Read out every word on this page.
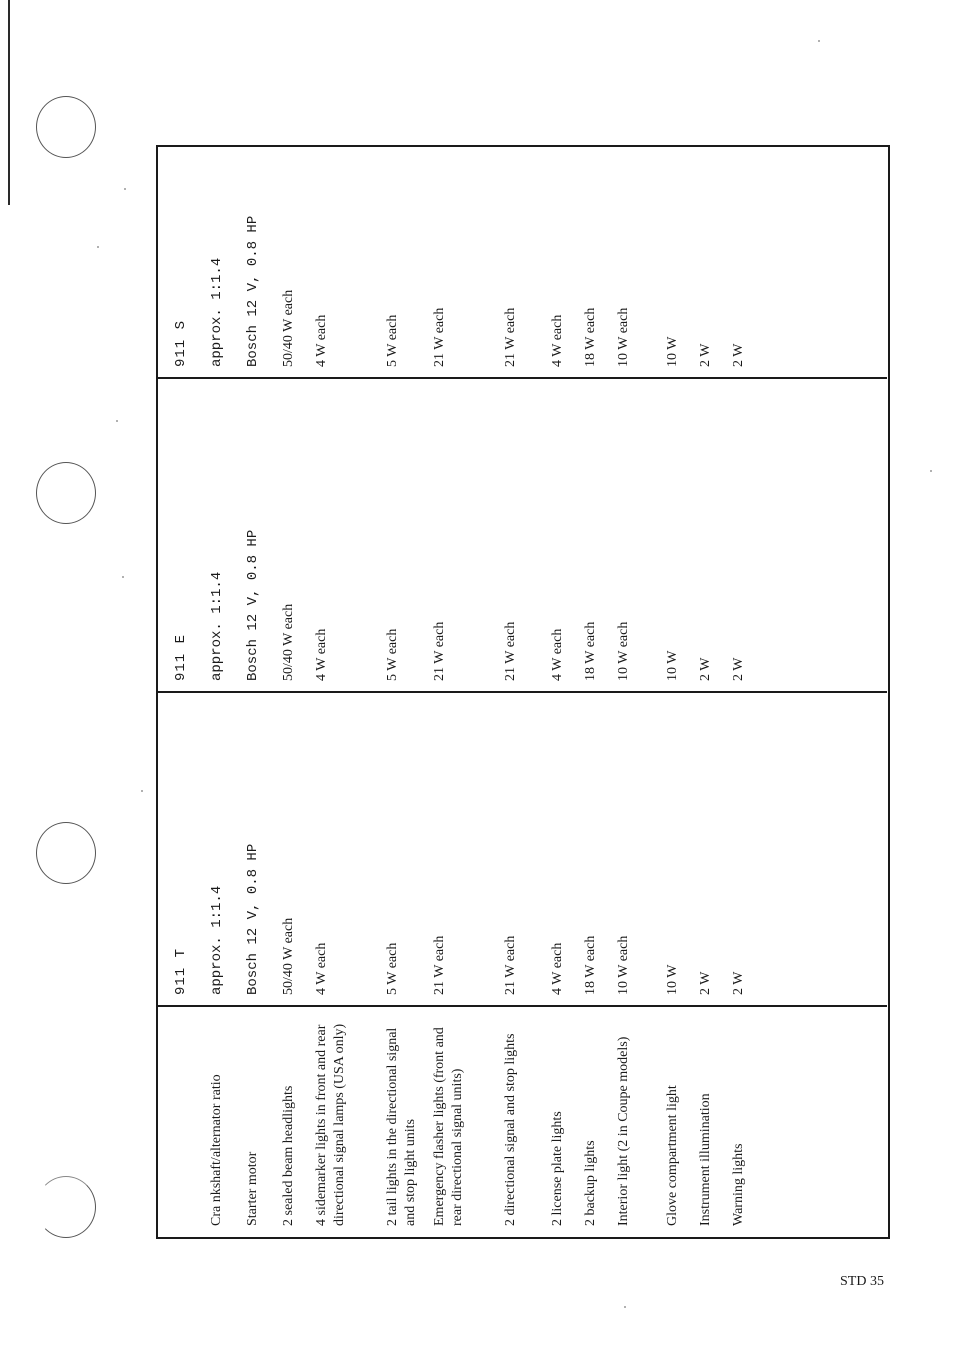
	911 T	911 E	911 S

Cra nkshaft/alternator ratio	approx. 1:1.4	approx. 1:1.4	approx. 1:1.4

Starter motor	Bosch 12 V, 0.8 HP	Bosch 12 V, 0.8 HP	Bosch 12 V, 0.8 HP

2 sealed beam headlights	50/40 W each	50/40 W each	50/40 W each

4 sidemarker lights in front and rear directional signal lamps (USA only)	4 W each	4 W each	4 W each

2 tail lights in the directional signal and stop light units	5 W each	5 W each	5 W each

Emergency flasher lights (front and rear directional signal units)	21 W each	21 W each	21 W each

2 directional signal and stop lights	21 W each	21 W each	21 W each

2 license plate lights	4 W each	4 W each	4 W each

2 backup lights	18 W each	18 W each	18 W each

Interior light (2 in Coupe models)	10 W each	10 W each	10 W each

Glove compartment light	10 W	10 W	10 W

Instrument illumination	2 W	2 W	2 W

Warning lights	2 W	2 W	2 W
STD 35
